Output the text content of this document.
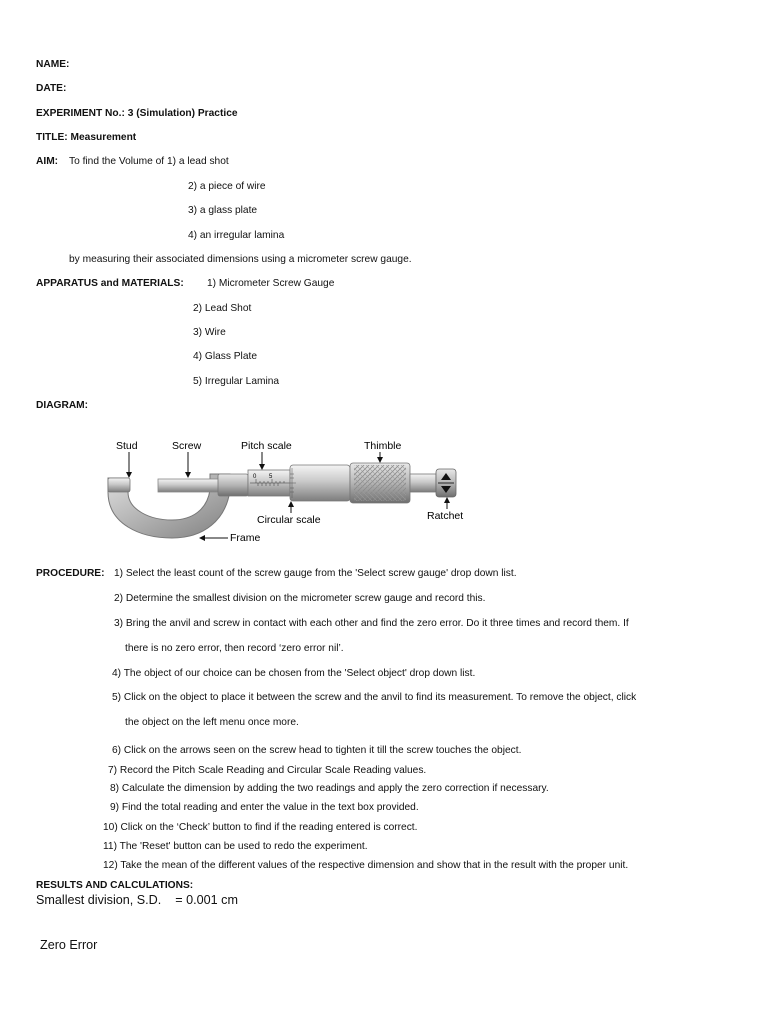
NAME:
DATE:
EXPERIMENT No.: 3 (Simulation) Practice
TITLE: Measurement
AIM: To find the Volume of 1) a lead shot
2) a piece of wire
3) a glass plate
4) an irregular lamina
by measuring their associated dimensions using a micrometer screw gauge.
APPARATUS and MATERIALS: 1) Micrometer Screw Gauge
2) Lead Shot
3) Wire
4) Glass Plate
5) Irregular Lamina
DIAGRAM:
0 5
Stud	Screw	Pitch scale	Thimble
Circular scale	Ratchet
Frame
PROCEDURE: 1) Select the least count of the screw gauge from the 'Select screw gauge' drop down list.
2) Determine the smallest division on the micrometer screw gauge and record this.
3) Bring the anvil and screw in contact with each other and find the zero error. Do it three times and record them. If
there is no zero error, then record ‘zero error nil’.
4) The object of our choice can be chosen from the 'Select object' drop down list.
5) Click on the object to place it between the screw and the anvil to find its measurement. To remove the object, click
the object on the left menu once more.
6) Click on the arrows seen on the screw head to tighten it till the screw touches the object.
7) Record the Pitch Scale Reading and Circular Scale Reading values.
8) Calculate the dimension by adding the two readings and apply the zero correction if necessary.
9) Find the total reading and enter the value in the text box provided.
10) Click on the ‘Check’ button to find if the reading entered is correct.
11) The 'Reset' button can be used to redo the experiment.
12) Take the mean of the different values of the respective dimension and show that in the result with the proper unit.
RESULTS AND CALCULATIONS:
Smallest division, S.D.    = 0.001 cm
Zero Error
